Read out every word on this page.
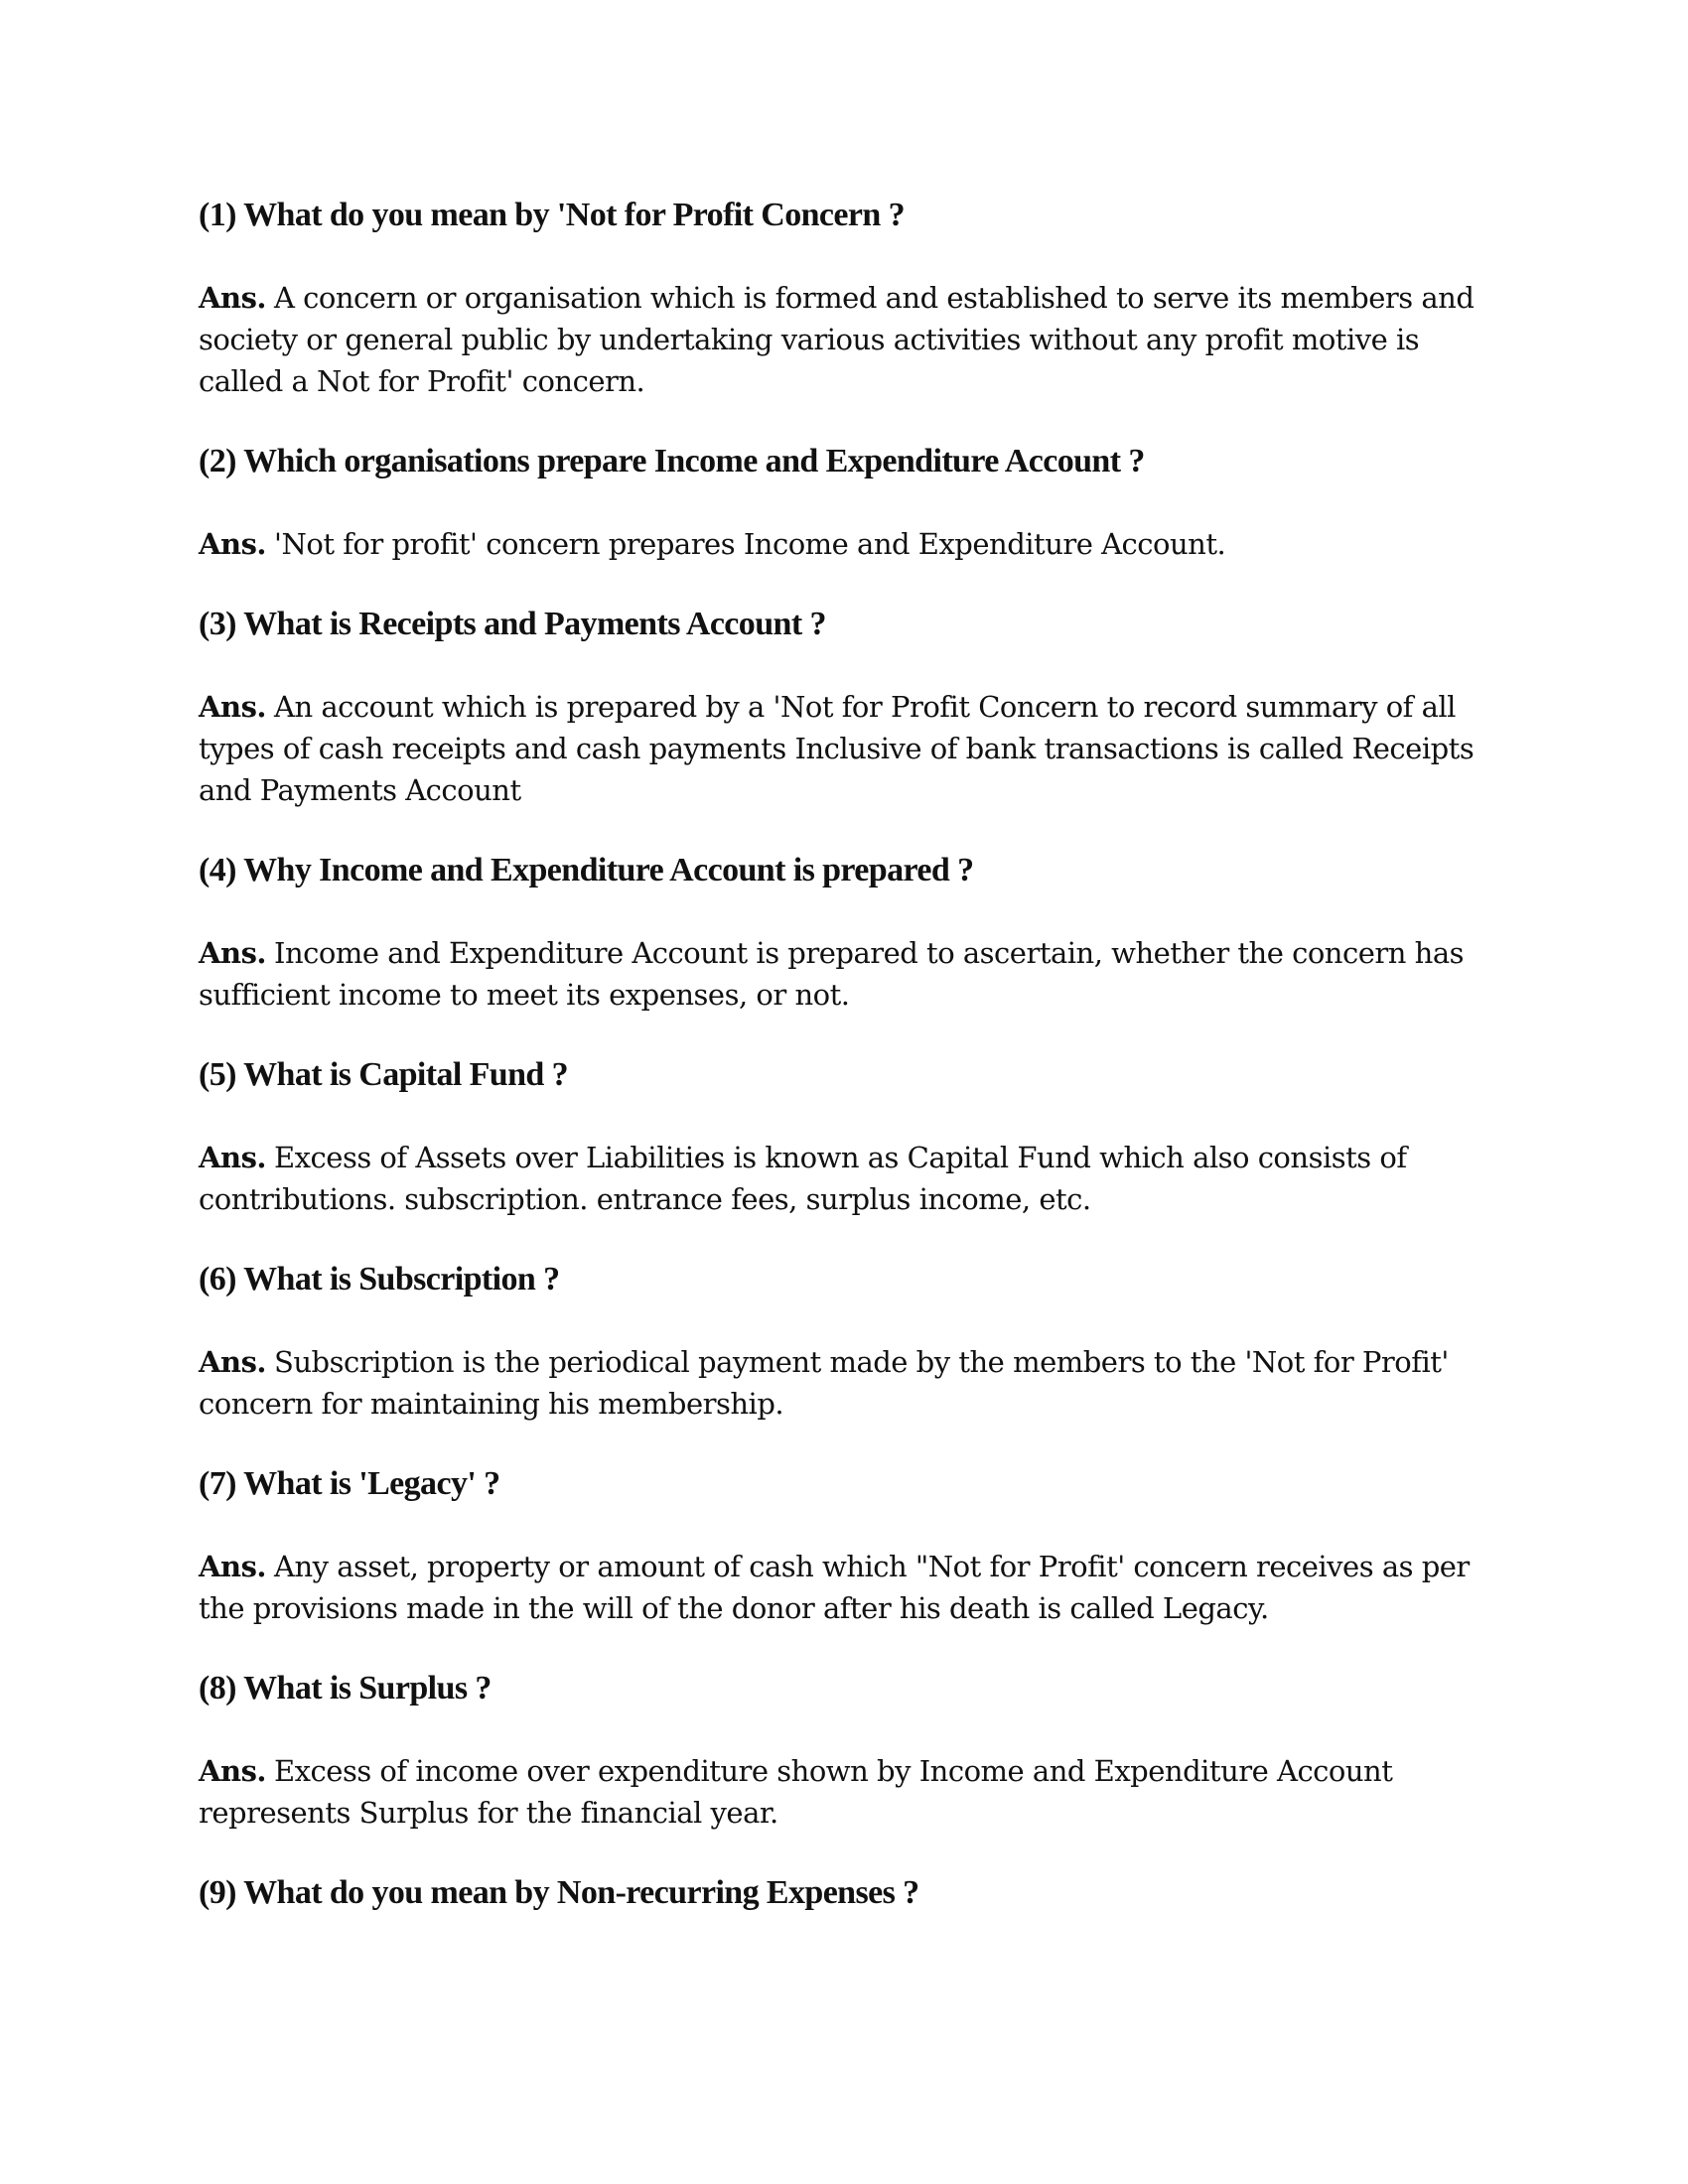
(1) What do you mean by 'Not for Profit Concern ?
Ans. A concern or organisation which is formed and established to serve its members and society or general public by undertaking various activities without any profit motive is called a Not for Profit' concern.
(2) Which organisations prepare Income and Expenditure Account ?
Ans. 'Not for profit' concern prepares Income and Expenditure Account.
(3) What is Receipts and Payments Account ?
Ans. An account which is prepared by a 'Not for Profit Concern to record summary of all types of cash receipts and cash payments Inclusive of bank transactions is called Receipts and Payments Account
(4) Why Income and Expenditure Account is prepared ?
Ans. Income and Expenditure Account is prepared to ascertain, whether the concern has sufficient income to meet its expenses, or not.
(5) What is Capital Fund ?
Ans. Excess of Assets over Liabilities is known as Capital Fund which also consists of contributions. subscription. entrance fees, surplus income, etc.
(6) What is Subscription ?
Ans. Subscription is the periodical payment made by the members to the 'Not for Profit' concern for maintaining his membership.
(7) What is 'Legacy' ?
Ans. Any asset, property or amount of cash which "Not for Profit' concern receives as per the provisions made in the will of the donor after his death is called Legacy.
(8) What is Surplus ?
Ans. Excess of income over expenditure shown by Income and Expenditure Account represents Surplus for the financial year.
(9) What do you mean by Non-recurring Expenses ?
